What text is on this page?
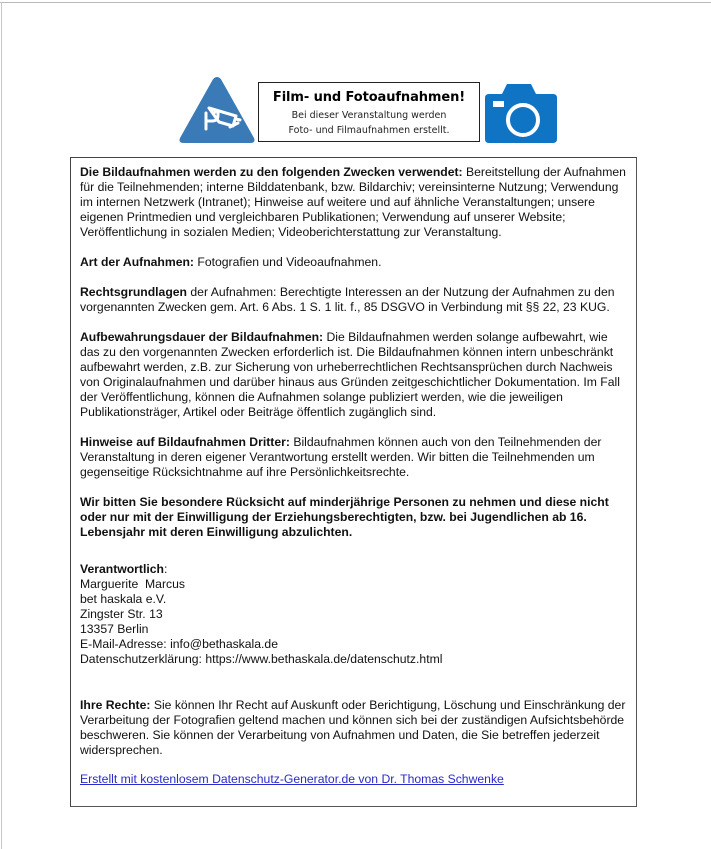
Film- und Fotoaufnahmen!
Bei dieser Veranstaltung werden
Foto- und Filmaufnahmen erstellt.

Die Bildaufnahmen werden zu den folgenden Zwecken verwendet: Bereitstellung der Aufnahmen für die Teilnehmenden; interne Bilddatenbank, bzw. Bildarchiv; vereinsinterne Nutzung; Verwendung im internen Netzwerk (Intranet); Hinweise auf weitere und auf ähnliche Veranstaltungen; unsere eigenen Printmedien und vergleichbaren Publikationen; Verwendung auf unserer Website; Veröffentlichung in sozialen Medien; Videoberichterstattung zur Veranstaltung.

Art der Aufnahmen: Fotografien und Videoaufnahmen.

Rechtsgrundlagen der Aufnahmen: Berechtigte Interessen an der Nutzung der Aufnahmen zu den vorgenannten Zwecken gem. Art. 6 Abs. 1 S. 1 lit. f., 85 DSGVO in Verbindung mit §§ 22, 23 KUG.

Aufbewahrungsdauer der Bildaufnahmen: Die Bildaufnahmen werden solange aufbewahrt, wie das zu den vorgenannten Zwecken erforderlich ist. Die Bildaufnahmen können intern unbeschränkt aufbewahrt werden, z.B. zur Sicherung von urheberrechtlichen Rechtsansprüchen durch Nachweis von Originalaufnahmen und darüber hinaus aus Gründen zeitgeschichtlicher Dokumentation. Im Fall der Veröffentlichung, können die Aufnahmen solange publiziert werden, wie die jeweiligen Publikationsträger, Artikel oder Beiträge öffentlich zugänglich sind.

Hinweise auf Bildaufnahmen Dritter: Bildaufnahmen können auch von den Teilnehmenden der Veranstaltung in deren eigener Verantwortung erstellt werden. Wir bitten die Teilnehmenden um gegenseitige Rücksichtnahme auf ihre Persönlichkeitsrechte.

Wir bitten Sie besondere Rücksicht auf minderjährige Personen zu nehmen und diese nicht oder nur mit der Einwilligung der Erziehungsberechtigten, bzw. bei Jugendlichen ab 16. Lebensjahr mit deren Einwilligung abzulichten.

Verantwortlich:
Marguerite  Marcus
bet haskala e.V.
Zingster Str. 13
13357 Berlin
E-Mail-Adresse: info@bethaskala.de
Datenschutzerklärung: https://www.bethaskala.de/datenschutz.html

Ihre Rechte: Sie können Ihr Recht auf Auskunft oder Berichtigung, Löschung und Einschränkung der Verarbeitung der Fotografien geltend machen und können sich bei der zuständigen Aufsichtsbehörde beschweren. Sie können der Verarbeitung von Aufnahmen und Daten, die Sie betreffen jederzeit widersprechen.

Erstellt mit kostenlosem Datenschutz-Generator.de von Dr. Thomas Schwenke
